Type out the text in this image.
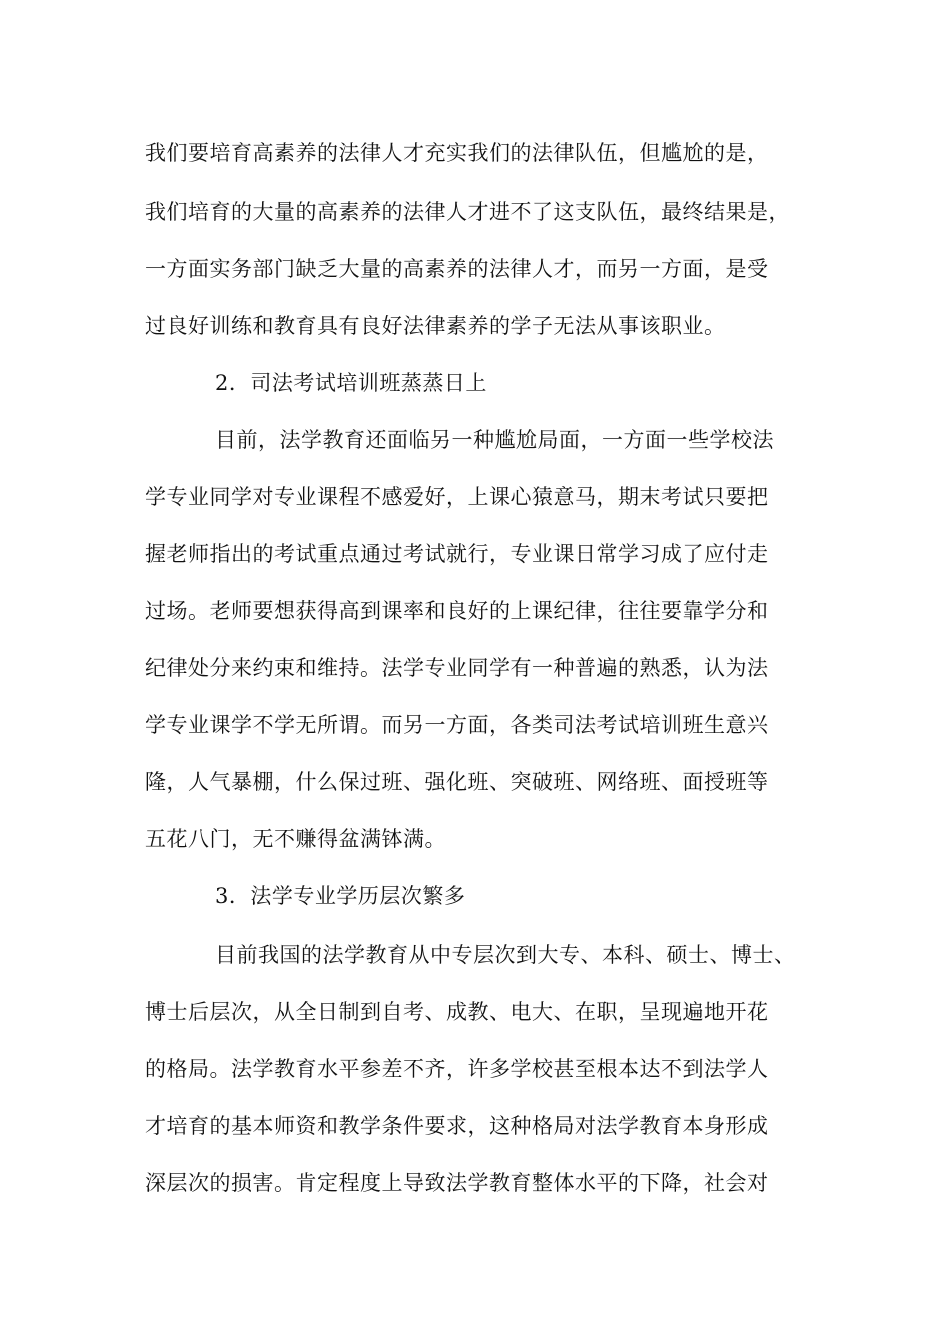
我们要培育高素养的法律人才充实我们的法律队伍，但尴尬的是，
我们培育的大量的高素养的法律人才进不了这支队伍，最终结果是，
一方面实务部门缺乏大量的高素养的法律人才，而另一方面，是受
过良好训练和教育具有良好法律素养的学子无法从事该职业。
2．司法考试培训班蒸蒸日上
目前，法学教育还面临另一种尴尬局面，一方面一些学校法
学专业同学对专业课程不感爱好，上课心猿意马，期末考试只要把
握老师指出的考试重点通过考试就行，专业课日常学习成了应付走
过场。老师要想获得高到课率和良好的上课纪律，往往要靠学分和
纪律处分来约束和维持。法学专业同学有一种普遍的熟悉，认为法
学专业课学不学无所谓。而另一方面，各类司法考试培训班生意兴
隆，人气暴棚，什么保过班、强化班、突破班、网络班、面授班等
五花八门，无不赚得盆满钵满。
3．法学专业学历层次繁多
目前我国的法学教育从中专层次到大专、本科、硕士、博士、
博士后层次，从全日制到自考、成教、电大、在职，呈现遍地开花
的格局。法学教育水平参差不齐，许多学校甚至根本达不到法学人
才培育的基本师资和教学条件要求，这种格局对法学教育本身形成
深层次的损害。肯定程度上导致法学教育整体水平的下降，社会对
